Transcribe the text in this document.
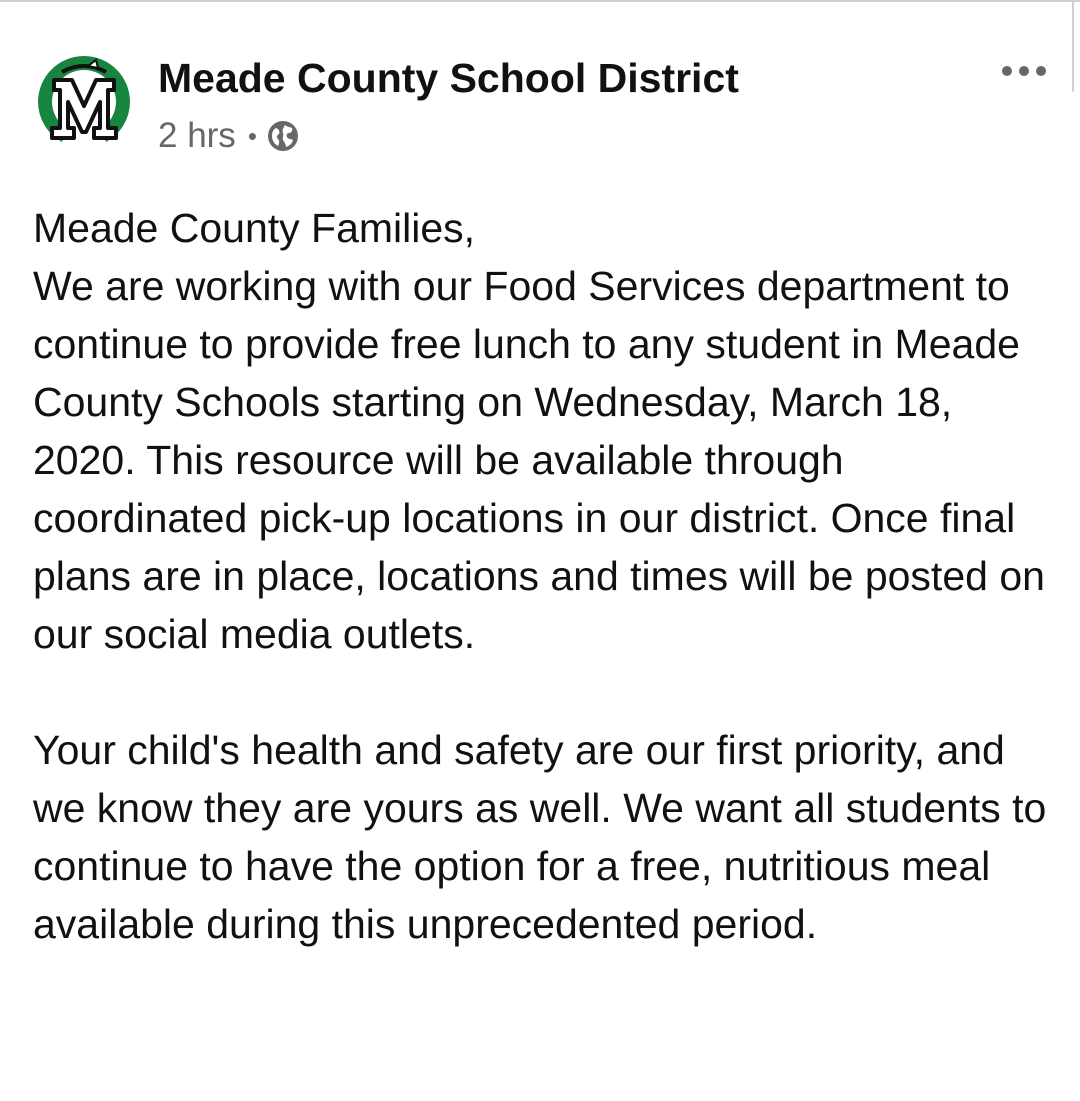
Meade County School District
2 hrs •

Meade County Families,
We are working with our Food Services department to continue to provide free lunch to any student in Meade County Schools starting on Wednesday, March 18, 2020. This resource will be available through coordinated pick-up locations in our district. Once final plans are in place, locations and times will be posted on our social media outlets.

Your child's health and safety are our first priority, and we know they are yours as well. We want all students to continue to have the option for a free, nutritious meal available during this unprecedented period.
